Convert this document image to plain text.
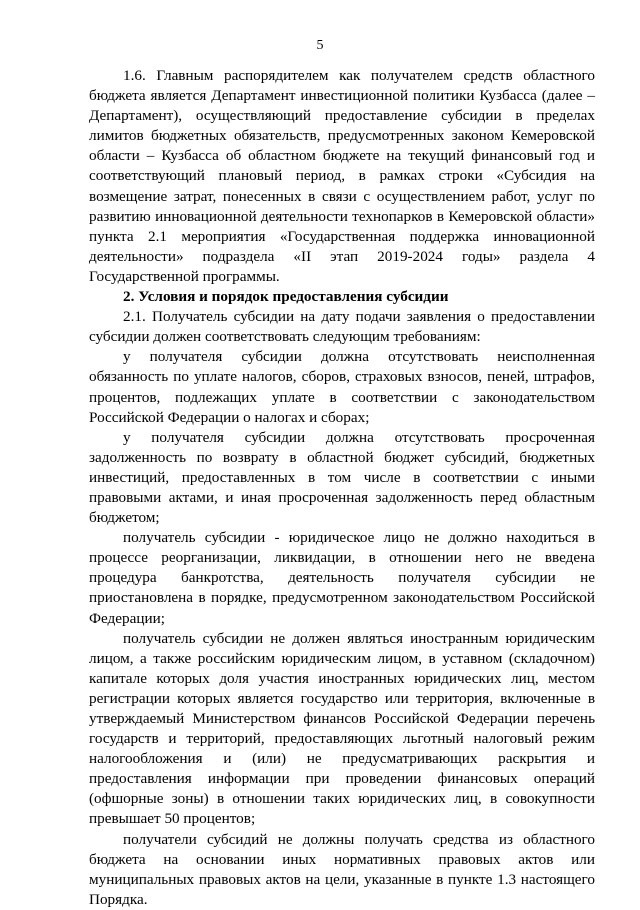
5

1.6. Главным распорядителем как получателем средств областного бюджета является Департамент инвестиционной политики Кузбасса (далее – Департамент), осуществляющий предоставление субсидии в пределах лимитов бюджетных обязательств, предусмотренных законом Кемеровской области – Кузбасса об областном бюджете на текущий финансовый год и соответствующий плановый период, в рамках строки «Субсидия на возмещение затрат, понесенных в связи с осуществлением работ, услуг по развитию инновационной деятельности технопарков в Кемеровской области» пункта 2.1 мероприятия «Государственная поддержка инновационной деятельности» подраздела «II этап 2019-2024 годы» раздела 4 Государственной программы.

2. Условия и порядок предоставления субсидии

2.1. Получатель субсидии на дату подачи заявления о предоставлении субсидии должен соответствовать следующим требованиям:

у получателя субсидии должна отсутствовать неисполненная обязанность по уплате налогов, сборов, страховых взносов, пеней, штрафов, процентов, подлежащих уплате в соответствии с законодательством Российской Федерации о налогах и сборах;

у получателя субсидии должна отсутствовать просроченная задолженность по возврату в областной бюджет субсидий, бюджетных инвестиций, предоставленных в том числе в соответствии с иными правовыми актами, и иная просроченная задолженность перед областным бюджетом;

получатель субсидии - юридическое лицо не должно находиться в процессе реорганизации, ликвидации, в отношении него не введена процедура банкротства, деятельность получателя субсидии не приостановлена в порядке, предусмотренном законодательством Российской Федерации;

получатель субсидии не должен являться иностранным юридическим лицом, а также российским юридическим лицом, в уставном (складочном) капитале которых доля участия иностранных юридических лиц, местом регистрации которых является государство или территория, включенные в утверждаемый Министерством финансов Российской Федерации перечень государств и территорий, предоставляющих льготный налоговый режим налогообложения и (или) не предусматривающих раскрытия и предоставления информации при проведении финансовых операций (офшорные зоны) в отношении таких юридических лиц, в совокупности превышает 50 процентов;

получатели субсидий не должны получать средства из областного бюджета на основании иных нормативных правовых актов или муниципальных правовых актов на цели, указанные в пункте 1.3 настоящего Порядка.
